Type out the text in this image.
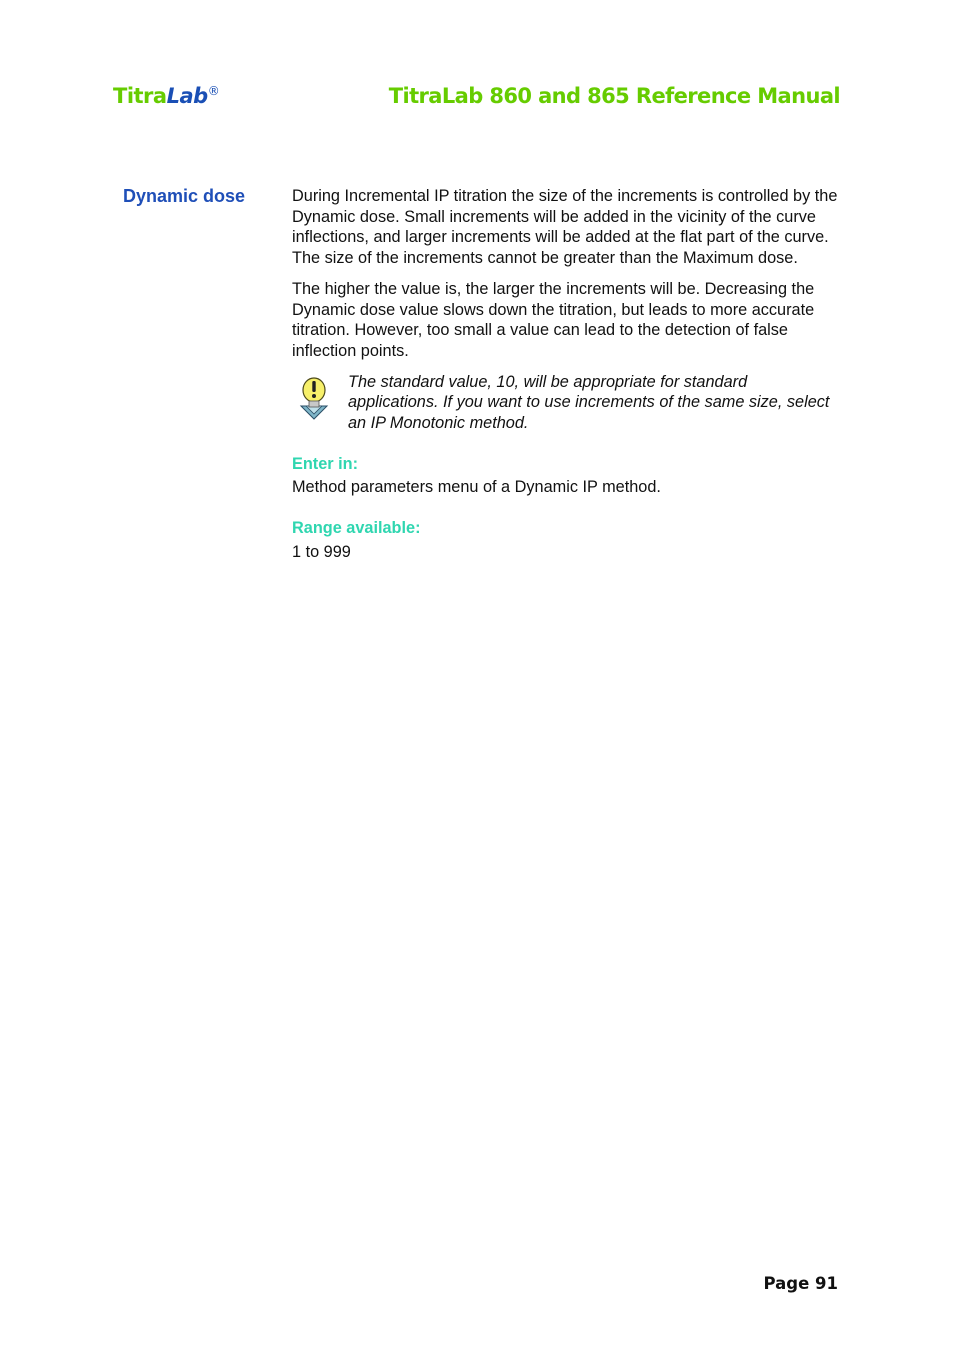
TitraLab®	TitraLab 860 and 865 Reference Manual
Dynamic dose	During Incremental IP titration the size of the increments is controlled by the Dynamic dose. Small increments will be added in the vicinity of the curve inflections, and larger increments will be added at the flat part of the curve. The size of the increments cannot be greater than the Maximum dose.

The higher the value is, the larger the increments will be. Decreasing the Dynamic dose value slows down the titration, but leads to more accurate titration. However, too small a value can lead to the detection of false inflection points.

The standard value, 10, will be appropriate for standard applications. If you want to use increments of the same size, select an IP Monotonic method.
Enter in:

Method parameters menu of a Dynamic IP method.

Range available:

1 to 999

Page 91
